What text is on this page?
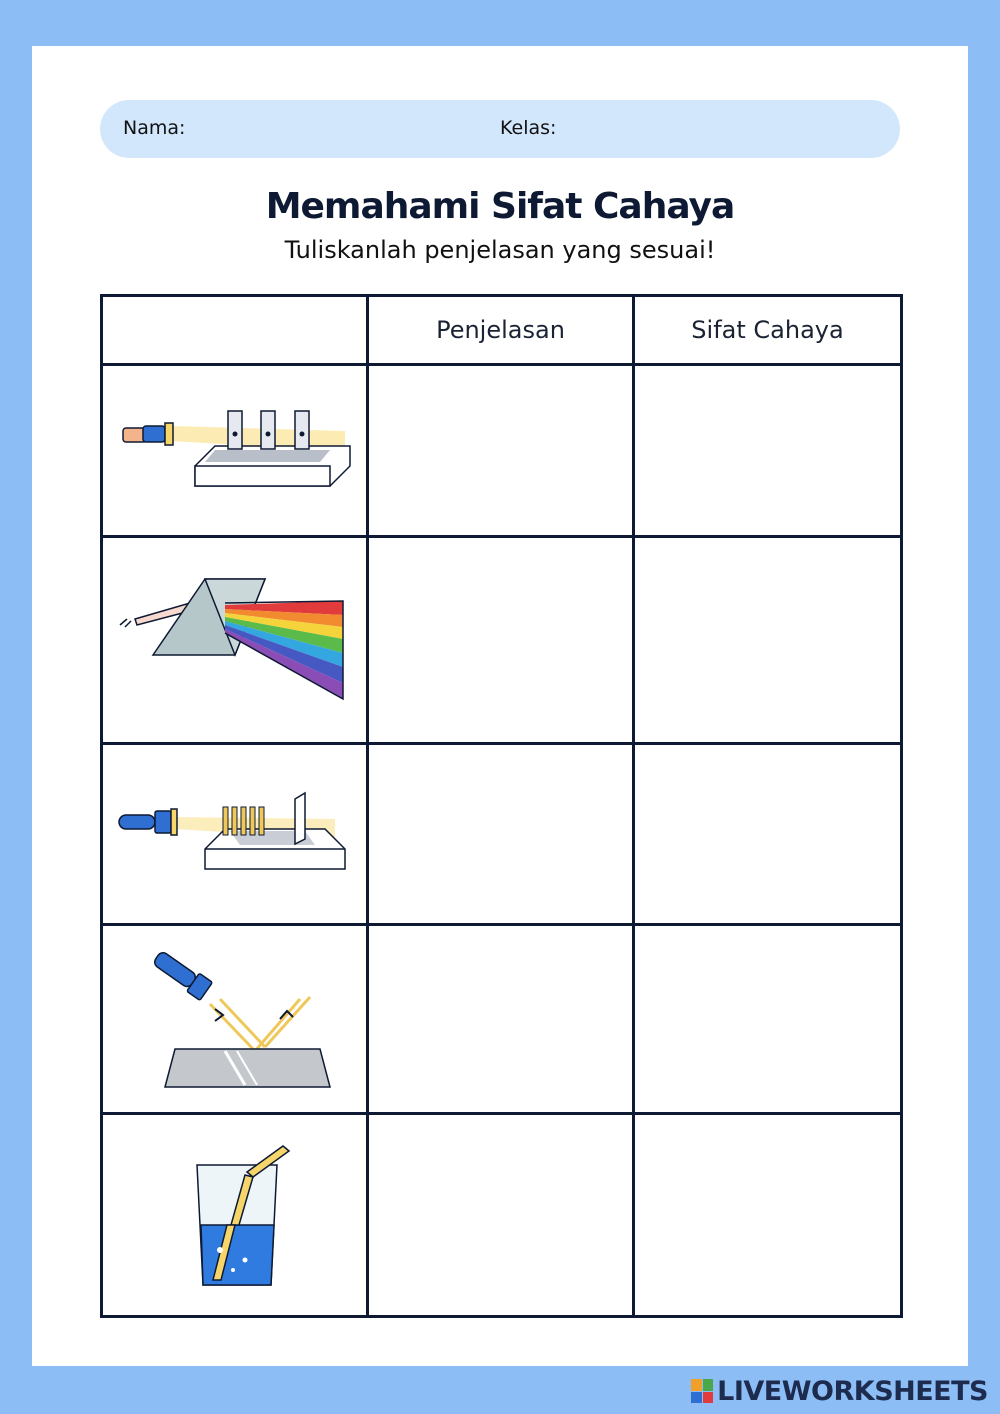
Nama:	Kelas:
Memahami Sifat Cahaya
Tuliskanlah penjelasan yang sesuai!
	Penjelasan	Sifat Cahaya

LIVEWORKSHEETS
